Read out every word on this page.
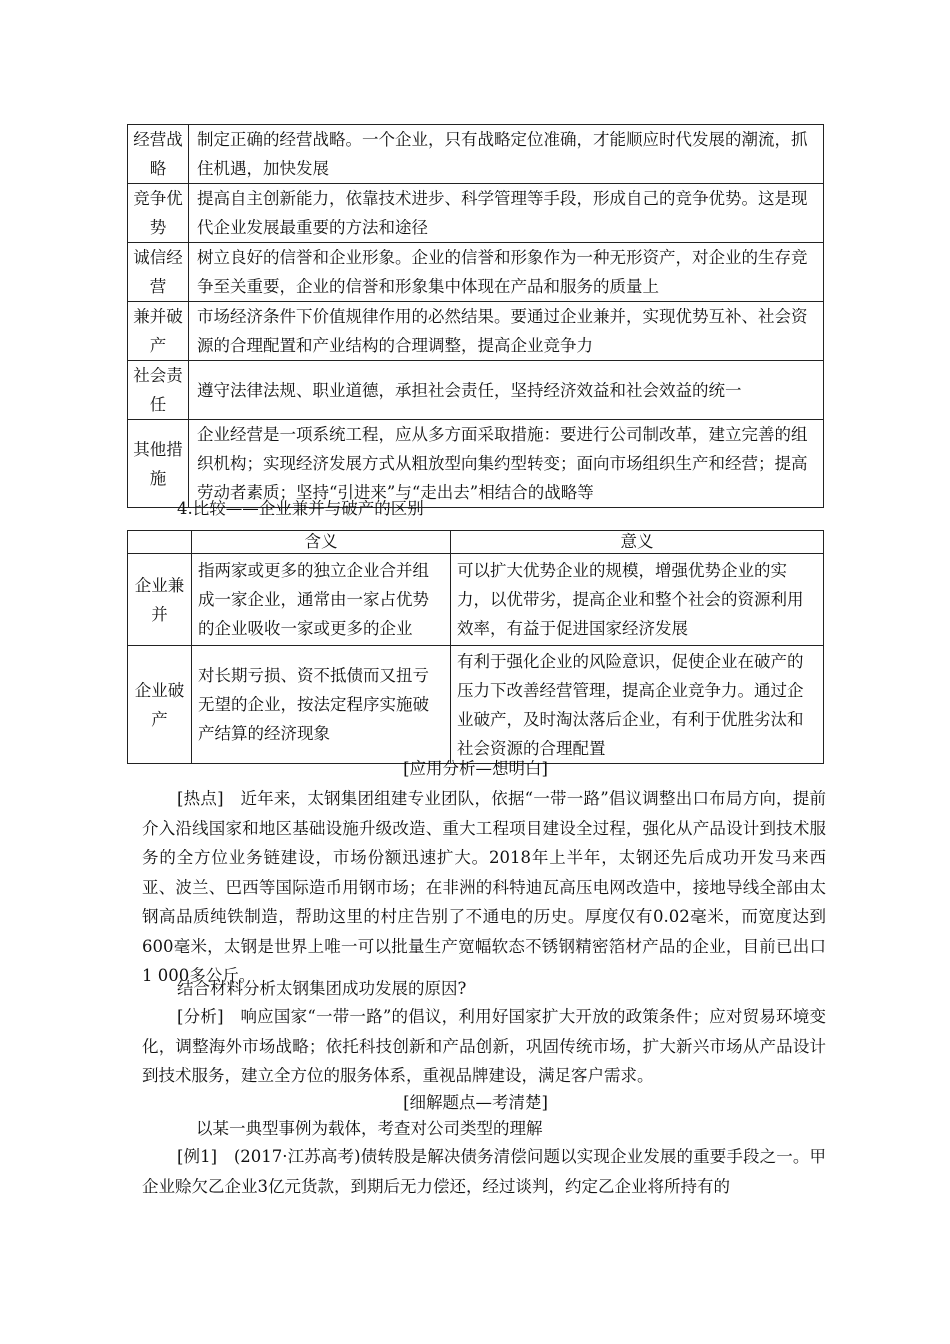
经营战略	制定正确的经营战略。一个企业，只有战略定位准确，才能顺应时代发展的潮流，抓住机遇，加快发展
竞争优势	提高自主创新能力，依靠技术进步、科学管理等手段，形成自己的竞争优势。这是现代企业发展最重要的方法和途径
诚信经营	树立良好的信誉和企业形象。企业的信誉和形象作为一种无形资产，对企业的生存竞争至关重要，企业的信誉和形象集中体现在产品和服务的质量上
兼并破产	市场经济条件下价值规律作用的必然结果。要通过企业兼并，实现优势互补、社会资源的合理配置和产业结构的合理调整，提高企业竞争力
社会责任	遵守法律法规、职业道德，承担社会责任，坚持经济效益和社会效益的统一
其他措施	企业经营是一项系统工程，应从多方面采取措施：要进行公司制改革，建立完善的组织机构；实现经济发展方式从粗放型向集约型转变；面向市场组织生产和经营；提高劳动者素质；坚持“引进来”与“走出去”相结合的战略等
4.比较——企业兼并与破产的区别
	含义	意义
企业兼并	指两家或更多的独立企业合并组成一家企业，通常由一家占优势的企业吸收一家或更多的企业	可以扩大优势企业的规模，增强优势企业的实力，以优带劣，提高企业和整个社会的资源利用效率，有益于促进国家经济发展
企业破产	对长期亏损、资不抵债而又扭亏无望的企业，按法定程序实施破产结算的经济现象	有利于强化企业的风险意识，促使企业在破产的压力下改善经营管理，提高企业竞争力。通过企业破产，及时淘汰落后企业，有利于优胜劣汰和社会资源的合理配置
[应用分析—想明白]
[热点]　近年来，太钢集团组建专业团队，依据“一带一路”倡议调整出口布局方向，提前介入沿线国家和地区基础设施升级改造、重大工程项目建设全过程，强化从产品设计到技术服务的全方位业务链建设，市场份额迅速扩大。2018年上半年，太钢还先后成功开发马来西亚、波兰、巴西等国际造币用钢市场；在非洲的科特迪瓦高压电网改造中，接地导线全部由太钢高品质纯铁制造，帮助这里的村庄告别了不通电的历史。厚度仅有0.02毫米，而宽度达到600毫米，太钢是世界上唯一可以批量生产宽幅软态不锈钢精密箔材产品的企业，目前已出口1 000多公斤。
结合材料分析太钢集团成功发展的原因?
[分析]　响应国家“一带一路”的倡议，利用好国家扩大开放的政策条件；应对贸易环境变化，调整海外市场战略；依托科技创新和产品创新，巩固传统市场，扩大新兴市场从产品设计到技术服务，建立全方位的服务体系，重视品牌建设，满足客户需求。
[细解题点—考清楚]
以某一典型事例为载体，考查对公司类型的理解
[例1]　(2017·江苏高考)债转股是解决债务清偿问题以实现企业发展的重要手段之一。甲企业赊欠乙企业3亿元货款，到期后无力偿还，经过谈判，约定乙企业将所持有的
